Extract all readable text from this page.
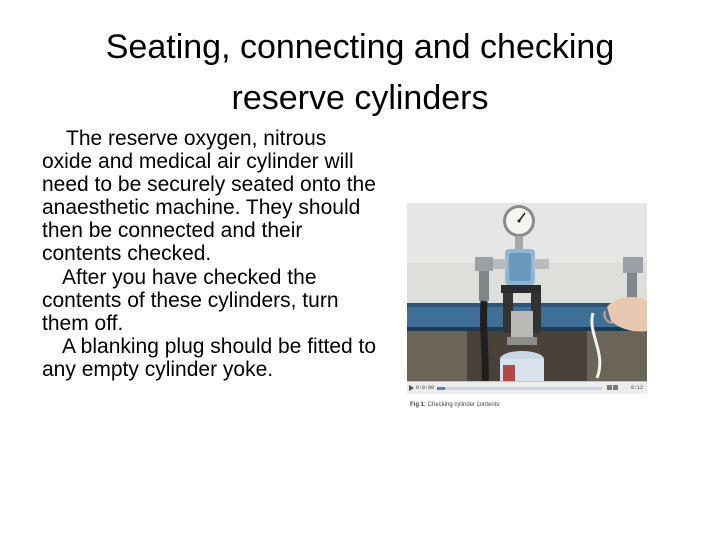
Seating, connecting and checking
reserve cylinders

The reserve oxygen, nitrous oxide and medical air cylinder will need to be securely seated onto the anaesthetic machine. They should then be connected and their contents checked.

After you have checked the contents of these cylinders, turn them off.

A blanking plug should be fitted to any empty cylinder yoke.

0:0:00	0:12
Fig 1: Checking cylinder contents
